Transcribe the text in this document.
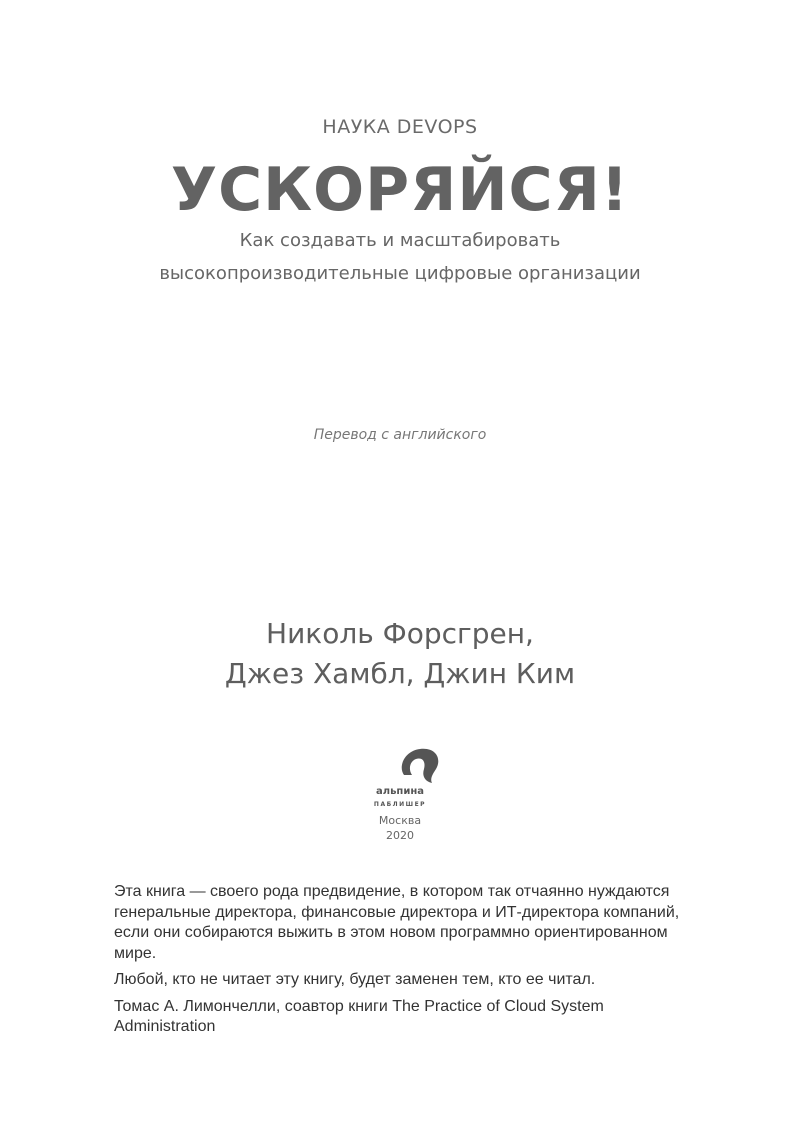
НАУКА DEVOPS
УСКОРЯЙСЯ!
Как создавать и масштабировать
высокопроизводительные цифровые организации
Перевод с английского
Николь Форсгрен,
Джез Хамбл, Джин Ким
альпина
ПАБЛИШЕР
Москва
2020

Эта книга — своего рода предвидение, в котором так отчаянно нуждаются генеральные директора, финансовые директора и ИТ-директора компаний, если они собираются выжить в этом новом программно ориентированном мире.

Любой, кто не читает эту книгу, будет заменен тем, кто ее читал.

Томас А. Лимончелли, соавтор книги The Practice of Cloud System Administration
